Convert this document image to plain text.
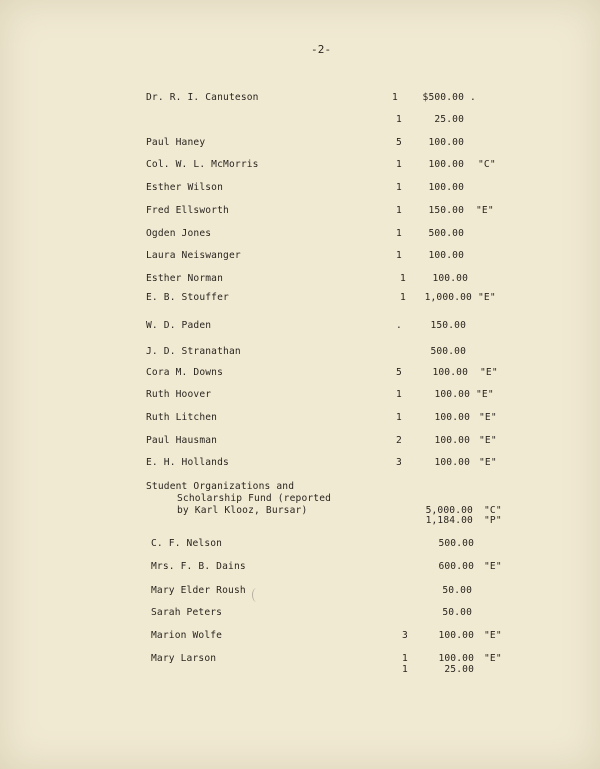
-2-
Dr. R. I. Canuteson	1	$500.00 .
1	25.00
Paul Haney	5	100.00
Col. W. L. McMorris	1	100.00 "C"
Esther Wilson	1	100.00
Fred Ellsworth	1	150.00 "E"
Ogden Jones	1	500.00
Laura Neiswanger	1	100.00
Esther Norman	1	100.00
E. B. Stouffer	1	1,000.00 "E"
W. D. Paden	.	150.00
J. D. Stranathan	500.00
Cora M. Downs	5	100.00 "E"
Ruth Hoover	1	100.00 "E"
Ruth Litchen	1	100.00 "E"
Paul Hausman	2	100.00 "E"
E. H. Hollands	3	100.00 "E"
Student Organizations and
Scholarship Fund (reported
by Karl Klooz, Bursar)	5,000.00 "C"
1,184.00 "P"
C. F. Nelson	500.00
Mrs. F. B. Dains	600.00 "E"
Mary Elder Roush	50.00
Sarah Peters	50.00
Marion Wolfe	3	100.00 "E"
Mary Larson	1	100.00 "E"
1	25.00
